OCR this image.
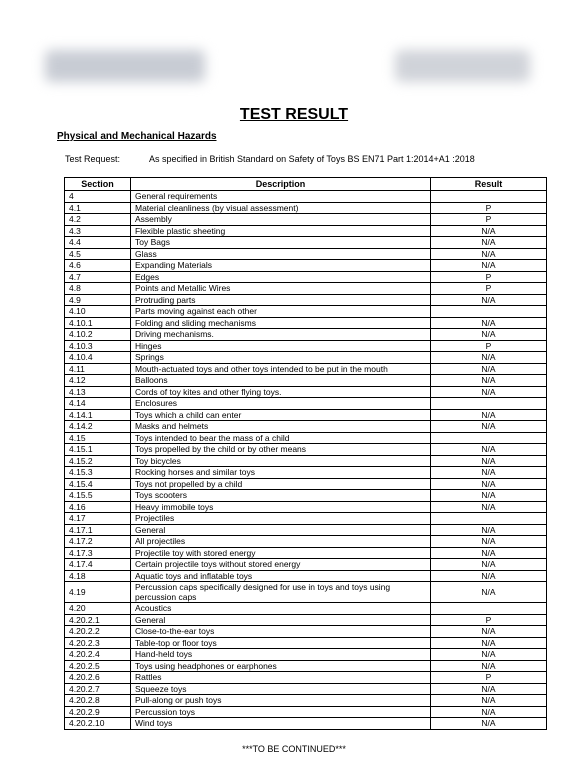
TEST RESULT
Physical and Mechanical Hazards
Test Request:	As specified in British Standard on Safety of Toys BS EN71 Part 1:2014+A1 :2018
Section	Description	Result
4	General requirements	
4.1	Material cleanliness (by visual assessment)	P
4.2	Assembly	P
4.3	Flexible plastic sheeting	N/A
4.4	Toy Bags	N/A
4.5	Glass	N/A
4.6	Expanding Materials	N/A
4.7	Edges	P
4.8	Points and Metallic Wires	P
4.9	Protruding parts	N/A
4.10	Parts moving against each other	
4.10.1	Folding and sliding mechanisms	N/A
4.10.2	Driving mechanisms.	N/A
4.10.3	Hinges	P
4.10.4	Springs	N/A
4.11	Mouth-actuated toys and other toys intended to be put in the mouth	N/A
4.12	Balloons	N/A
4.13	Cords of toy kites and other flying toys.	N/A
4.14	Enclosures	
4.14.1	Toys which a child can enter	N/A
4.14.2	Masks and helmets	N/A
4.15	Toys intended to bear the mass of a child	
4.15.1	Toys propelled by the child or by other means	N/A
4.15.2	Toy bicycles	N/A
4.15.3	Rocking horses and similar toys	N/A
4.15.4	Toys not propelled by a child	N/A
4.15.5	Toys scooters	N/A
4.16	Heavy immobile toys	N/A
4.17	Projectiles	
4.17.1	General	N/A
4.17.2	All projectiles	N/A
4.17.3	Projectile toy with stored energy	N/A
4.17.4	Certain projectile toys without stored energy	N/A
4.18	Aquatic toys and inflatable toys	N/A
4.19	Percussion caps specifically designed for use in toys and toys using percussion caps	N/A
4.20	Acoustics	
4.20.2.1	General	P
4.20.2.2	Close-to-the-ear toys	N/A
4.20.2.3	Table-top or floor toys	N/A
4.20.2.4	Hand-held toys	N/A
4.20.2.5	Toys using headphones or earphones	N/A
4.20.2.6	Rattles	P
4.20.2.7	Squeeze toys	N/A
4.20.2.8	Pull-along or push toys	N/A
4.20.2.9	Percussion toys	N/A
4.20.2.10	Wind toys	N/A
***TO BE CONTINUED***
